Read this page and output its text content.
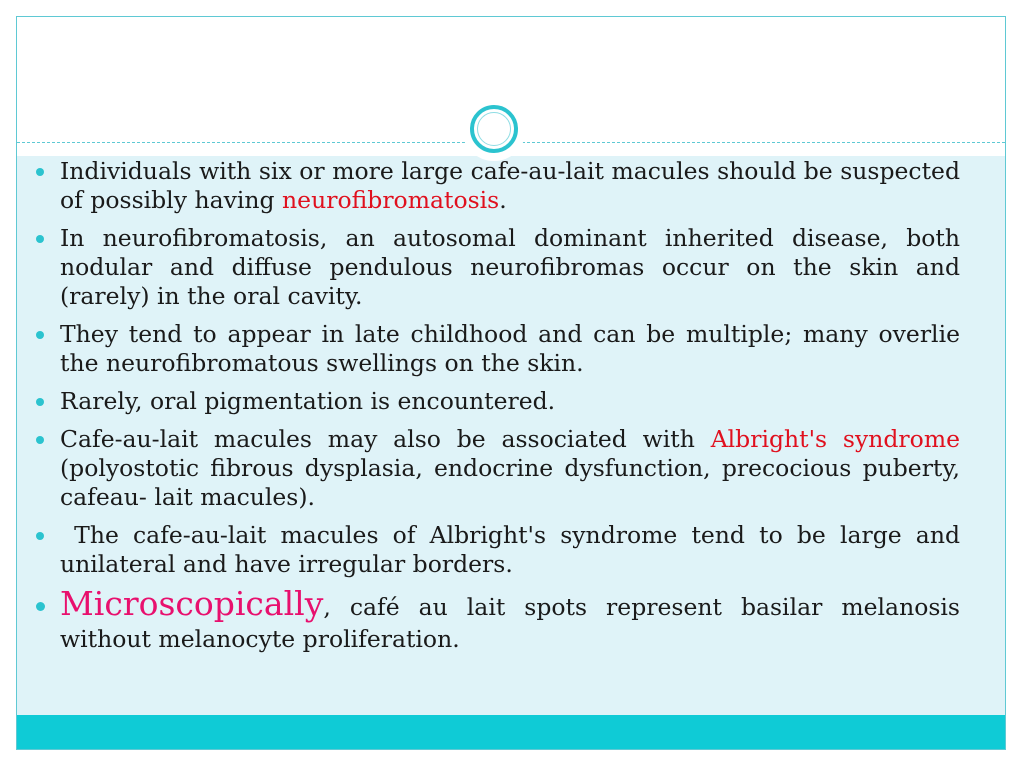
Individuals with six or more large cafe-au-lait macules should be suspected of possibly having neurofibromatosis.
In neurofibromatosis, an autosomal dominant inherited disease, both nodular and diffuse pendulous neurofibromas occur on the skin and (rarely) in the oral cavity.
They tend to appear in late childhood and can be multiple; many overlie the neurofibromatous swellings on the skin.
Rarely, oral pigmentation is encountered.
Cafe-au-lait macules may also be associated with Albright's syndrome (polyostotic fibrous dysplasia, endocrine dysfunction, precocious puberty, cafeau- lait macules).
The cafe-au-lait macules of Albright's syndrome tend to be large and unilateral and have irregular borders.
Microscopically, café au lait spots represent basilar melanosis without melanocyte proliferation.
